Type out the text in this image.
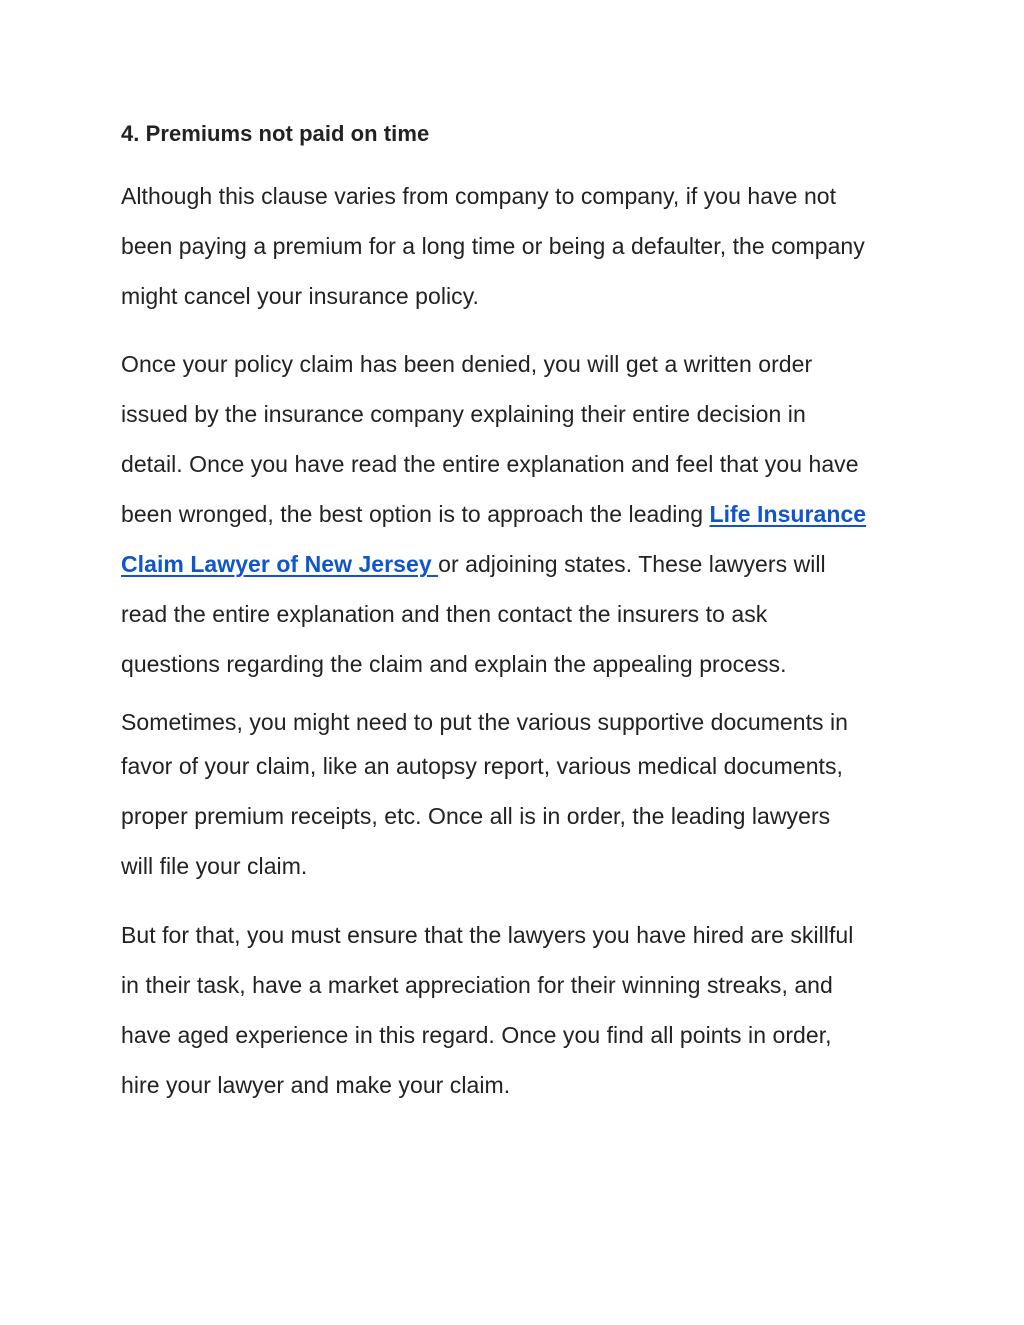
4. Premiums not paid on time
Although this clause varies from company to company, if you have not
been paying a premium for a long time or being a defaulter, the company
might cancel your insurance policy.
Once your policy claim has been denied, you will get a written order
issued by the insurance company explaining their entire decision in
detail. Once you have read the entire explanation and feel that you have
been wronged, the best option is to approach the leading Life Insurance
Claim Lawyer of New Jersey or adjoining states. These lawyers will
read the entire explanation and then contact the insurers to ask
questions regarding the claim and explain the appealing process.
Sometimes, you might need to put the various supportive documents in
favor of your claim, like an autopsy report, various medical documents,
proper premium receipts, etc. Once all is in order, the leading lawyers
will file your claim.
But for that, you must ensure that the lawyers you have hired are skillful
in their task, have a market appreciation for their winning streaks, and
have aged experience in this regard. Once you find all points in order,
hire your lawyer and make your claim.
